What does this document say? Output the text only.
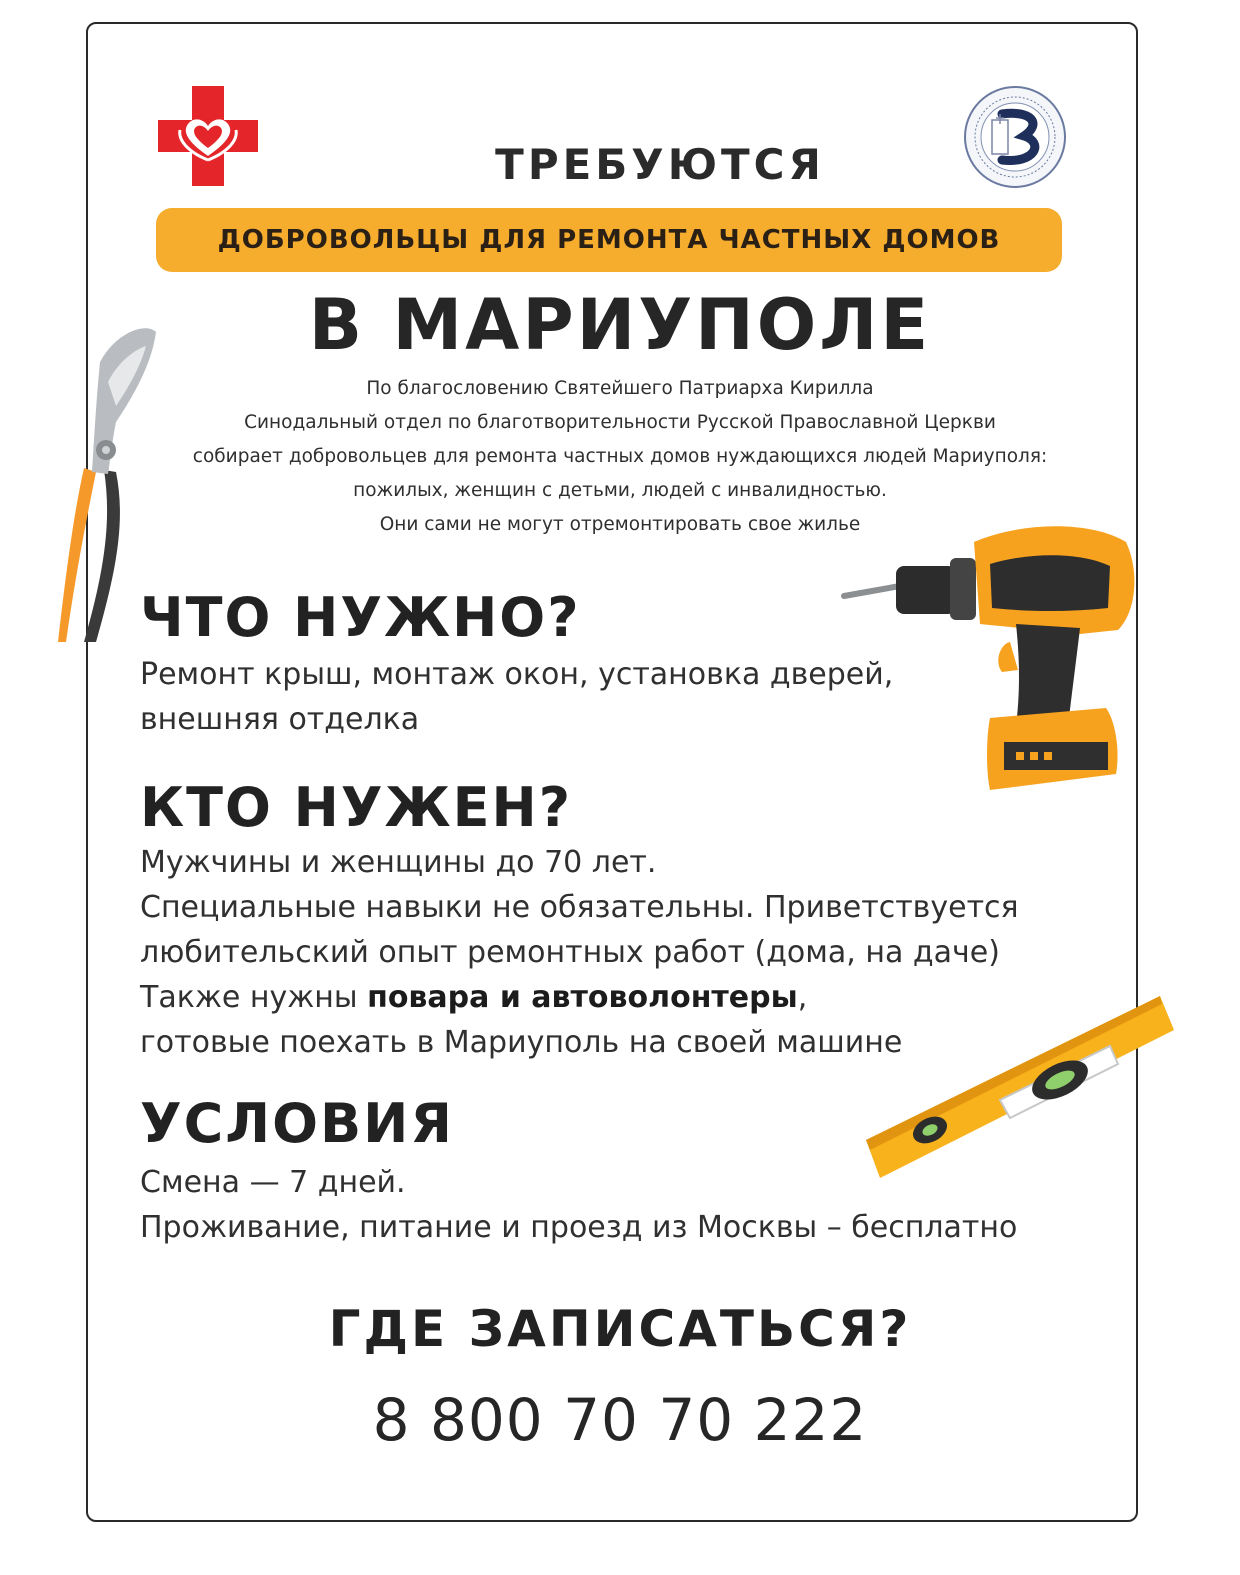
ТРЕБУЮТСЯ
ДОБРОВОЛЬЦЫ ДЛЯ РЕМОНТА ЧАСТНЫХ ДОМОВ
В МАРИУПОЛЕ
По благословению Святейшего Патриарха Кирилла
Синодальный отдел по благотворительности Русской Православной Церкви
собирает добровольцев для ремонта частных домов нуждающихся людей Мариуполя:
пожилых, женщин с детьми, людей с инвалидностью.
Они сами не могут отремонтировать свое жилье
ЧТО НУЖНО?
Ремонт крыш, монтаж окон, установка дверей,
внешняя отделка
КТО НУЖЕН?
Мужчины и женщины до 70 лет.
Специальные навыки не обязательны. Приветствуется
любительский опыт ремонтных работ (дома, на даче)
Также нужны повара и автоволонтеры,
готовые поехать в Мариуполь на своей машине
УСЛОВИЯ
Смена — 7 дней.
Проживание, питание и проезд из Москвы – бесплатно
ГДЕ ЗАПИСАТЬСЯ?
8 800 70 70 222
